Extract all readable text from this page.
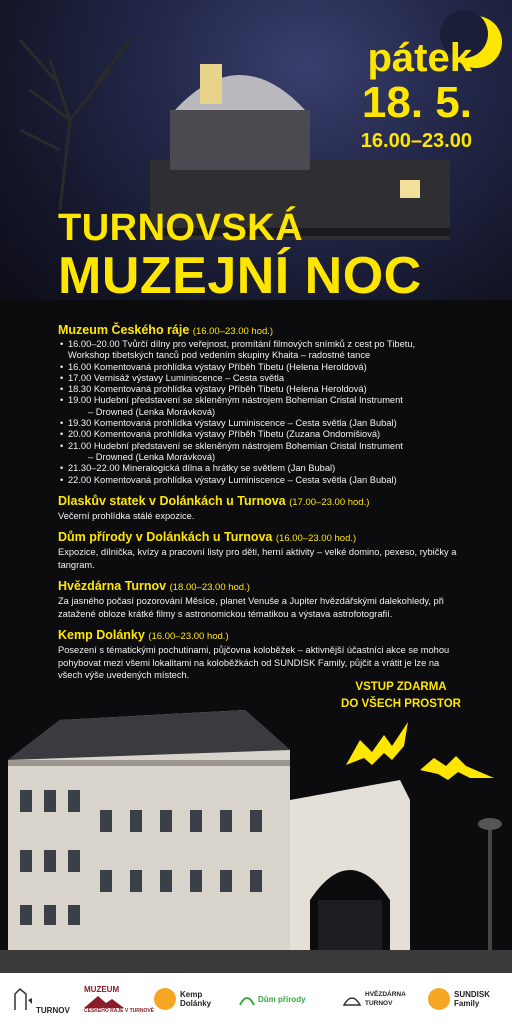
pátek
18. 5.
16.00–23.00
TURNOVSKÁ
MUZEJNÍ NOC
Muzeum Českého ráje (16.00–23.00 hod.)
• 16.00–20.00 Tvůrčí dílny pro veřejnost, promítání filmových snímků z cest po Tibetu,
Workshop tibetských tanců pod vedením skupiny Khaita – radostné tance
• 16.00 Komentovaná prohlídka výstavy Příběh Tibetu (Helena Heroldová)
• 17.00 Vernisáž výstavy Luminiscence – Cesta světla
• 18.30 Komentovaná prohlídka výstavy Příběh Tibetu (Helena Heroldová)
• 19.00 Hudební představení se skleněným nástrojem Bohemian Cristal Instrument
– Drowned (Lenka Morávková)
• 19.30 Komentovaná prohlídka výstavy Luminiscence – Cesta světla (Jan Bubal)
• 20.00 Komentovaná prohlídka výstavy Příběh Tibetu (Zuzana Ondomišiová)
• 21.00 Hudební představení se skleněným nástrojem Bohemian Cristal Instrument
– Drowned (Lenka Morávková)
• 21.30–22.00 Mineralogická dílna a hrátky se světlem (Jan Bubal)
• 22.00 Komentovaná prohlídka výstavy Luminiscence – Cesta světla (Jan Bubal)
Dlaskův statek v Dolánkách u Turnova (17.00–23.00 hod.)
Večerní prohlídka stálé expozice.
Dům přírody v Dolánkách u Turnova (16.00–23.00 hod.)
Expozice, dílnička, kvízy a pracovní listy pro děti, herní aktivity – velké domino, pexeso, rybičky a tangram.
Hvězdárna Turnov (18.00–23.00 hod.)
Za jasného počasí pozorování Měsíce, planet Venuše a Jupiter hvězdářskými dalekohledy, při zatažené obloze krátké filmy s astronomickou tématikou a výstava astrofotografií.
Kemp Dolánky (16.00–23.00 hod.)
Posezení s tématickými pochutinami, půjčovna koloběžek – aktivnější účastníci akce se mohou pohybovat mezi všemi lokalitami na koloběžkách od SUNDISK Family, půjčit a vrátit je lze na všech výše uvedených místech.
VSTUP ZDARMA
DO VŠECH PROSTOR
TURNOV
MUZEUM
ČESKÉHO RÁJE V TURNOVĚ
Kemp
Dolánky	Dům přírody	HVĚZDÁRNA
TURNOV
SUNDISK
Family
